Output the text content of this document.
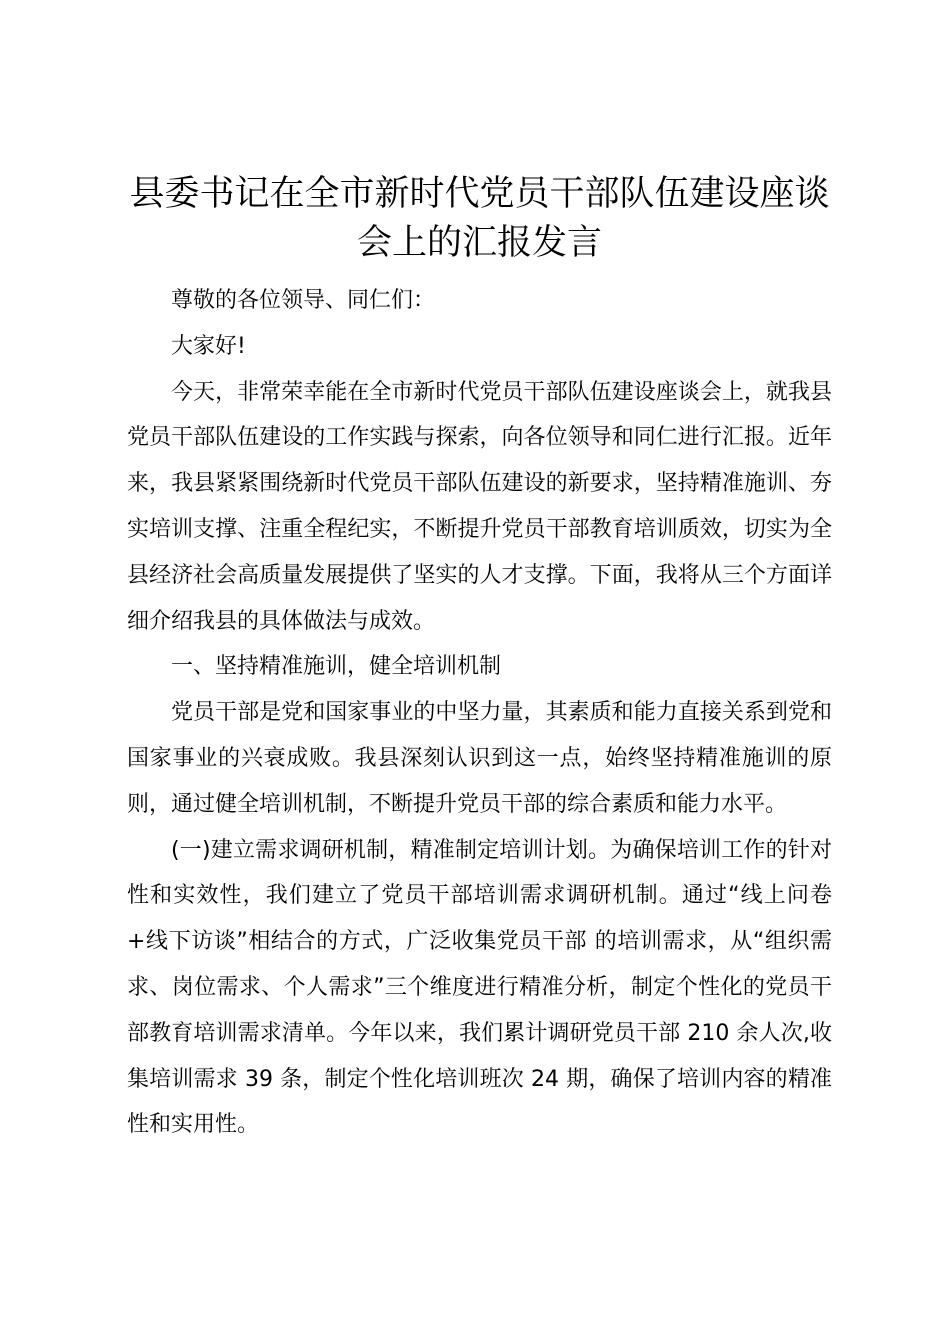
县委书记在全市新时代党员干部队伍建设座谈
会上的汇报发言

尊敬的各位领导、同仁们：

大家好!

今天，非常荣幸能在全市新时代党员干部队伍建设座谈会上，就我县党员干部队伍建设的工作实践与探索，向各位领导和同仁进行汇报。近年来，我县紧紧围绕新时代党员干部队伍建设的新要求，坚持精准施训、夯实培训支撑、注重全程纪实，不断提升党员干部教育培训质效，切实为全县经济社会高质量发展提供了坚实的人才支撑。下面，我将从三个方面详细介绍我县的具体做法与成效。

一、坚持精准施训，健全培训机制

党员干部是党和国家事业的中坚力量，其素质和能力直接关系到党和国家事业的兴衰成败。我县深刻认识到这一点，始终坚持精准施训的原则，通过健全培训机制，不断提升党员干部的综合素质和能力水平。

(一)建立需求调研机制，精准制定培训计划。为确保培训工作的针对性和实效性，我们建立了党员干部培训需求调研机制。通过“线上问卷+线下访谈”相结合的方式，广泛收集党员干部 的培训需求，从“组织需求、岗位需求、个人需求”三个维度进行精准分析，制定个性化的党员干部教育培训需求清单。今年以来，我们累计调研党员干部 210 余人次,收集培训需求 39 条，制定个性化培训班次 24 期，确保了培训内容的精准性和实用性。
